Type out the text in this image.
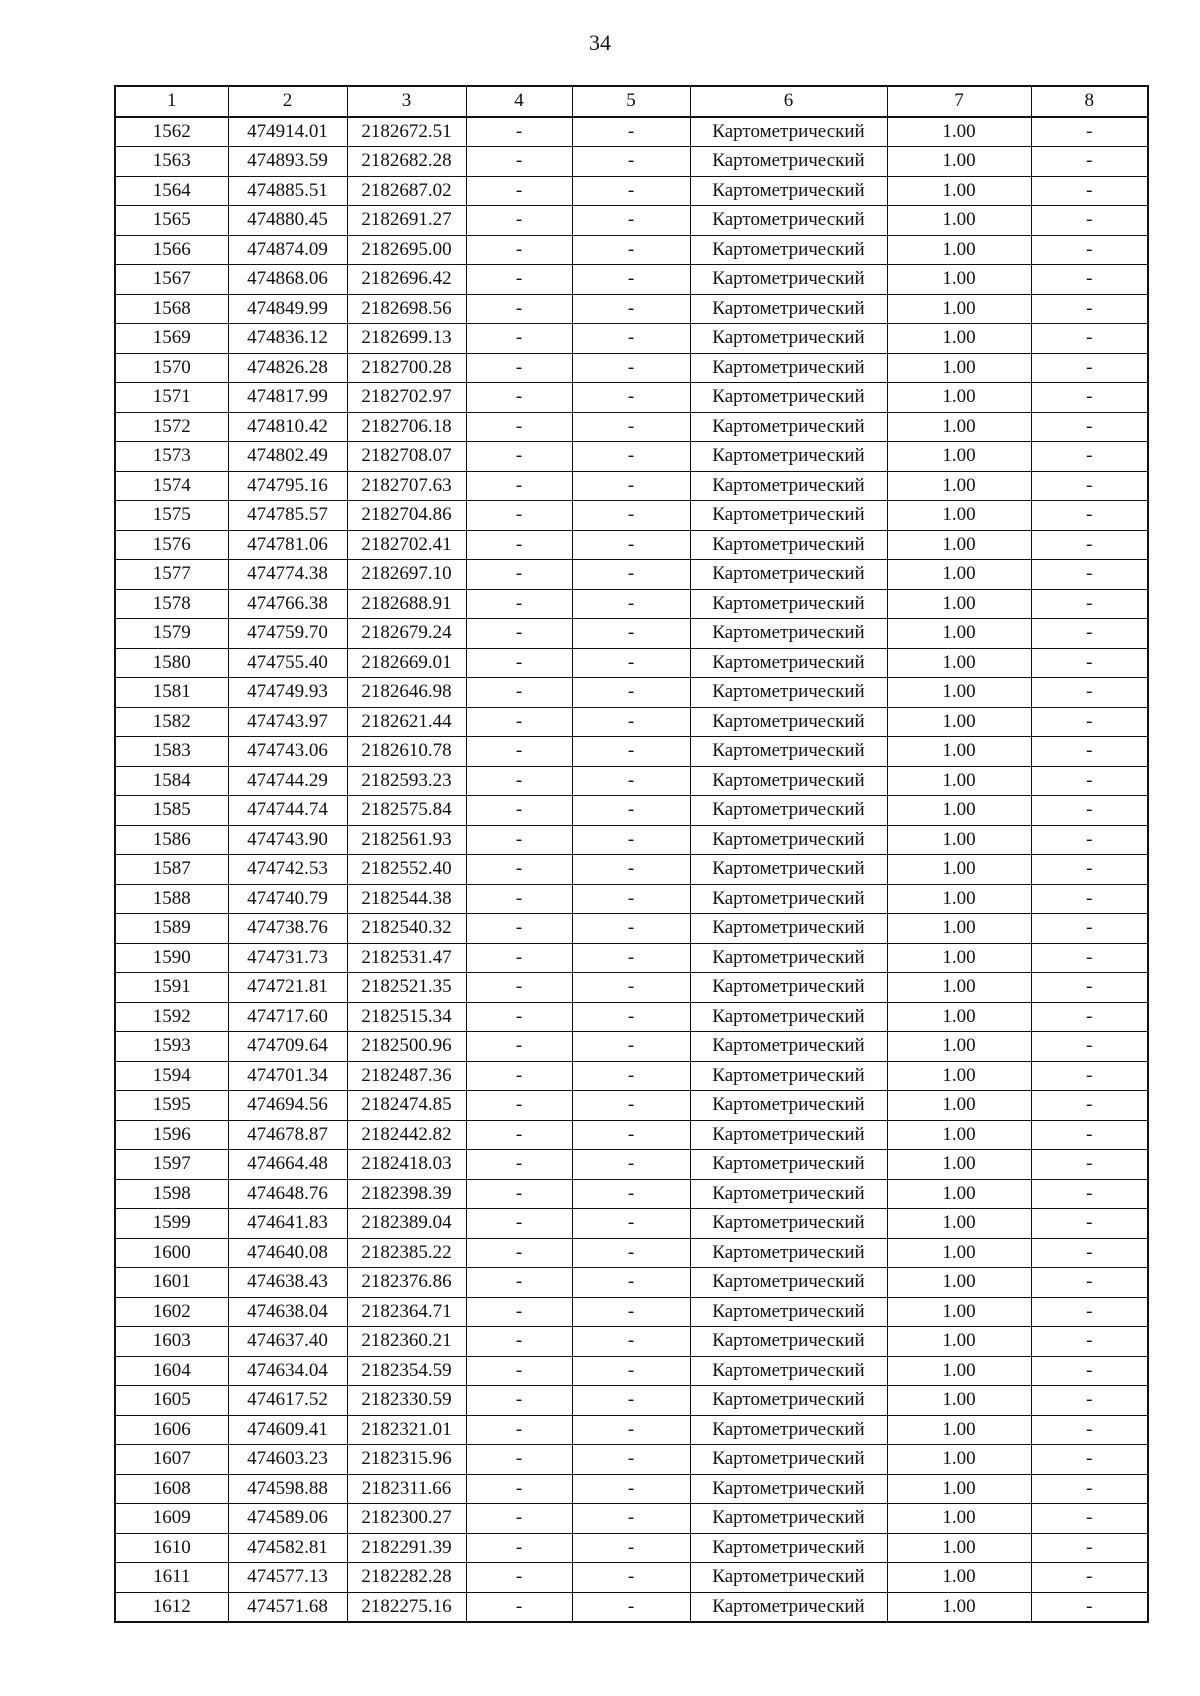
34
1	2	3	4	5	6	7	8
1562	474914.01	2182672.51	-	-	Картометрический	1.00	-
1563	474893.59	2182682.28	-	-	Картометрический	1.00	-
1564	474885.51	2182687.02	-	-	Картометрический	1.00	-
1565	474880.45	2182691.27	-	-	Картометрический	1.00	-
1566	474874.09	2182695.00	-	-	Картометрический	1.00	-
1567	474868.06	2182696.42	-	-	Картометрический	1.00	-
1568	474849.99	2182698.56	-	-	Картометрический	1.00	-
1569	474836.12	2182699.13	-	-	Картометрический	1.00	-
1570	474826.28	2182700.28	-	-	Картометрический	1.00	-
1571	474817.99	2182702.97	-	-	Картометрический	1.00	-
1572	474810.42	2182706.18	-	-	Картометрический	1.00	-
1573	474802.49	2182708.07	-	-	Картометрический	1.00	-
1574	474795.16	2182707.63	-	-	Картометрический	1.00	-
1575	474785.57	2182704.86	-	-	Картометрический	1.00	-
1576	474781.06	2182702.41	-	-	Картометрический	1.00	-
1577	474774.38	2182697.10	-	-	Картометрический	1.00	-
1578	474766.38	2182688.91	-	-	Картометрический	1.00	-
1579	474759.70	2182679.24	-	-	Картометрический	1.00	-
1580	474755.40	2182669.01	-	-	Картометрический	1.00	-
1581	474749.93	2182646.98	-	-	Картометрический	1.00	-
1582	474743.97	2182621.44	-	-	Картометрический	1.00	-
1583	474743.06	2182610.78	-	-	Картометрический	1.00	-
1584	474744.29	2182593.23	-	-	Картометрический	1.00	-
1585	474744.74	2182575.84	-	-	Картометрический	1.00	-
1586	474743.90	2182561.93	-	-	Картометрический	1.00	-
1587	474742.53	2182552.40	-	-	Картометрический	1.00	-
1588	474740.79	2182544.38	-	-	Картометрический	1.00	-
1589	474738.76	2182540.32	-	-	Картометрический	1.00	-
1590	474731.73	2182531.47	-	-	Картометрический	1.00	-
1591	474721.81	2182521.35	-	-	Картометрический	1.00	-
1592	474717.60	2182515.34	-	-	Картометрический	1.00	-
1593	474709.64	2182500.96	-	-	Картометрический	1.00	-
1594	474701.34	2182487.36	-	-	Картометрический	1.00	-
1595	474694.56	2182474.85	-	-	Картометрический	1.00	-
1596	474678.87	2182442.82	-	-	Картометрический	1.00	-
1597	474664.48	2182418.03	-	-	Картометрический	1.00	-
1598	474648.76	2182398.39	-	-	Картометрический	1.00	-
1599	474641.83	2182389.04	-	-	Картометрический	1.00	-
1600	474640.08	2182385.22	-	-	Картометрический	1.00	-
1601	474638.43	2182376.86	-	-	Картометрический	1.00	-
1602	474638.04	2182364.71	-	-	Картометрический	1.00	-
1603	474637.40	2182360.21	-	-	Картометрический	1.00	-
1604	474634.04	2182354.59	-	-	Картометрический	1.00	-
1605	474617.52	2182330.59	-	-	Картометрический	1.00	-
1606	474609.41	2182321.01	-	-	Картометрический	1.00	-
1607	474603.23	2182315.96	-	-	Картометрический	1.00	-
1608	474598.88	2182311.66	-	-	Картометрический	1.00	-
1609	474589.06	2182300.27	-	-	Картометрический	1.00	-
1610	474582.81	2182291.39	-	-	Картометрический	1.00	-
1611	474577.13	2182282.28	-	-	Картометрический	1.00	-
1612	474571.68	2182275.16	-	-	Картометрический	1.00	-
